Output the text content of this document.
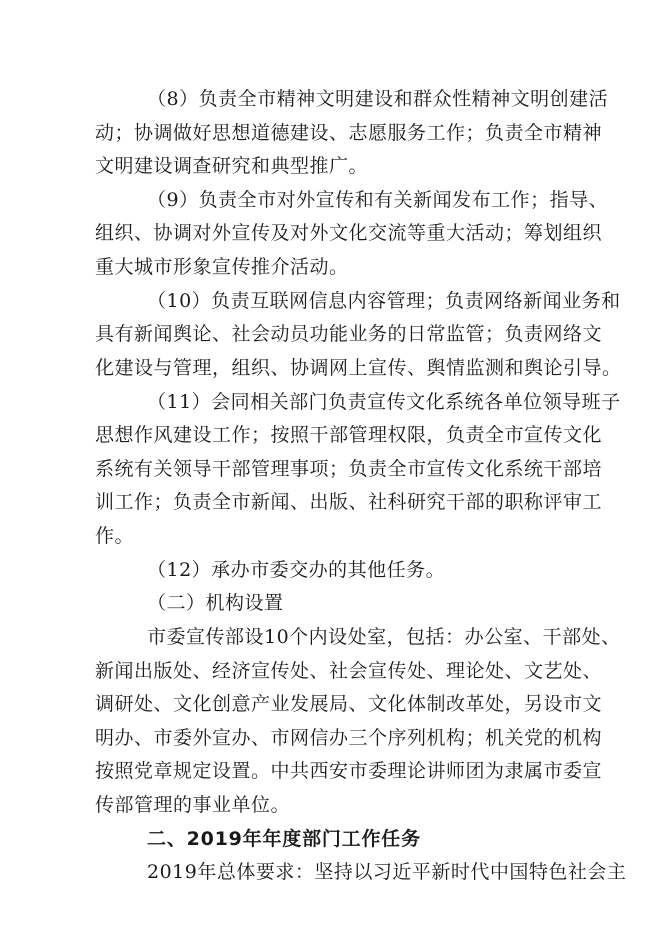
（8）负责全市精神文明建设和群众性精神文明创建活
动；协调做好思想道德建设、志愿服务工作；负责全市精神
文明建设调查研究和典型推广。
（9）负责全市对外宣传和有关新闻发布工作；指导、
组织、协调对外宣传及对外文化交流等重大活动；筹划组织
重大城市形象宣传推介活动。
（10）负责互联网信息内容管理；负责网络新闻业务和
具有新闻舆论、社会动员功能业务的日常监管；负责网络文
化建设与管理，组织、协调网上宣传、舆情监测和舆论引导。
（11）会同相关部门负责宣传文化系统各单位领导班子
思想作风建设工作；按照干部管理权限，负责全市宣传文化
系统有关领导干部管理事项；负责全市宣传文化系统干部培
训工作；负责全市新闻、出版、社科研究干部的职称评审工
作。
（12）承办市委交办的其他任务。
（二）机构设置
市委宣传部设10个内设处室，包括：办公室、干部处、
新闻出版处、经济宣传处、社会宣传处、理论处、文艺处、
调研处、文化创意产业发展局、文化体制改革处，另设市文
明办、市委外宣办、市网信办三个序列机构；机关党的机构
按照党章规定设置。中共西安市委理论讲师团为隶属市委宣
传部管理的事业单位。
二、2019年年度部门工作任务
2019年总体要求：坚持以习近平新时代中国特色社会主
